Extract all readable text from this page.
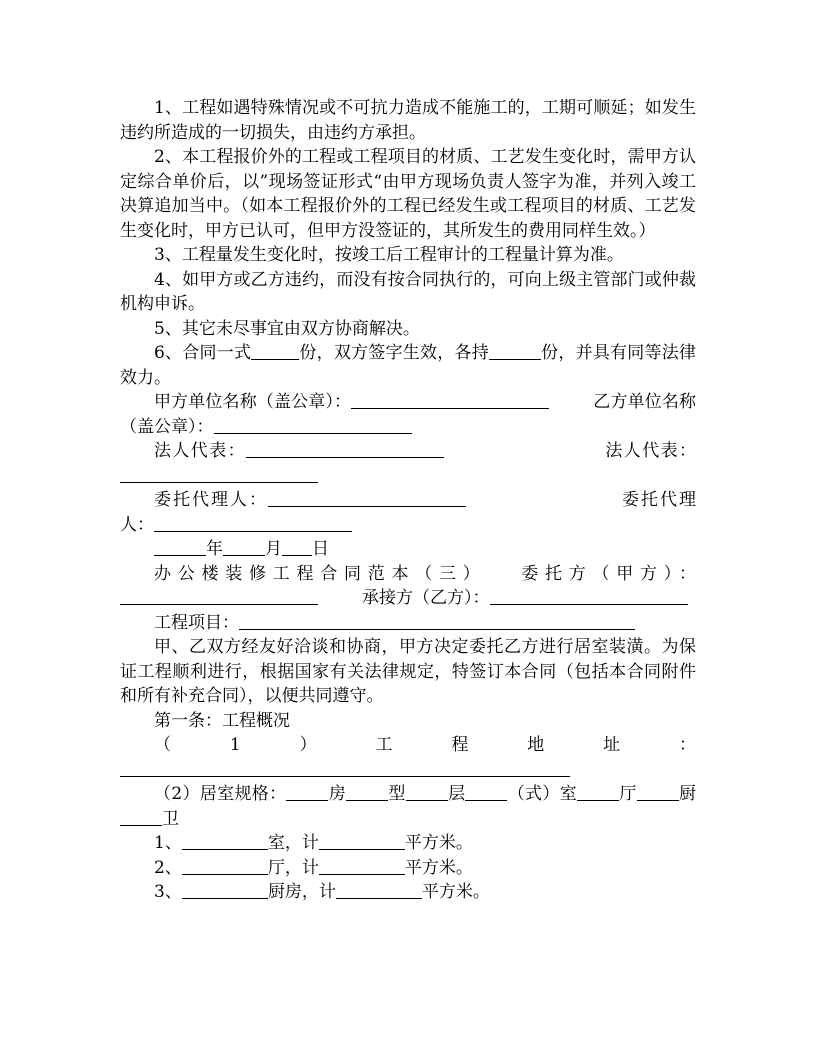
1、工程如遇特殊情况或不可抗力造成不能施工的，工期可顺延；如发生违约所造成的一切损失，由违约方承担。

2、本工程报价外的工程或工程项目的材质、工艺发生变化时，需甲方认定综合单价后，以”现场签证形式“由甲方现场负责人签字为准，并列入竣工决算追加当中。（如本工程报价外的工程已经发生或工程项目的材质、工艺发生变化时，甲方已认可，但甲方没签证的，其所发生的费用同样生效。）

3、工程量发生变化时，按竣工后工程审计的工程量计算为准。

4、如甲方或乙方违约，而没有按合同执行的，可向上级主管部门或仲裁机构申诉。

5、其它未尽事宜由双方协商解决。

6、合同一式	份，双方签字生效，各持	份，并具有同等法律效力。

甲方单位名称（盖公章）：	乙方单位名称（盖公章）：

法人代表：	法人代表：

委托代理人：	委托代理人：

年 月 日

办公楼装修工程合同范本（三） 委托方（甲方）：承接方（乙方）：

工程项目：

甲、乙双方经友好洽谈和协商，甲方决定委托乙方进行居室装潢。为保证工程顺利进行，根据国家有关法律规定，特签订本合同（包括本合同附件和所有补充合同），以便共同遵守。

第一条：工程概况

（1）工程地址：

（2）居室规格： 房 型 层 （式）室 厅 厨卫

1、	室，计	平方米。

2、	厅，计	平方米。

3、	厨房，计	平方米。
